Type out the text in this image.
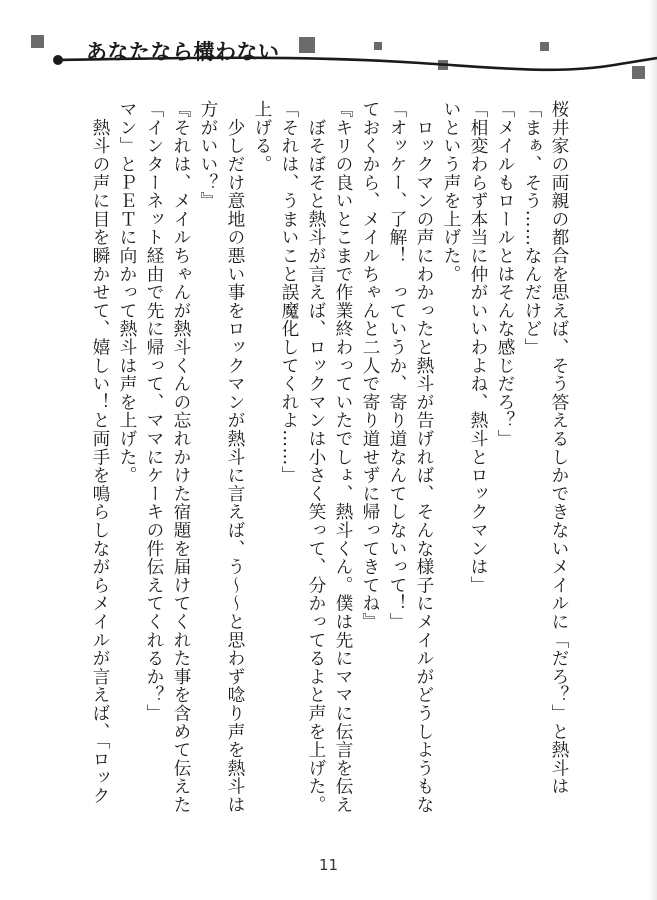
あなたなら構わない
桜井家の両親の都合を思えば、そう答えるしかできないメイルに「だろ？」と熱斗は
「まぁ、そう……なんだけど」
「メイルもロールとはそんな感じだろ？」
「相変わらず本当に仲がいいわよね、熱斗とロックマンは」
いという声を上げた。
　ロックマンの声にわかったと熱斗が告げれば、そんな様子にメイルがどうしようもな
「オッケー、了解！　っていうか、寄り道なんてしないって！」
ておくから、メイルちゃんと二人で寄り道せずに帰ってきてね』
『キリの良いとこまで作業終わっていたでしょ、熱斗くん。僕は先にママに伝言を伝え
　ぼそぼそと熱斗が言えば、ロックマンは小さく笑って、分かってるよと声を上げた。
「それは、うまいこと誤魔化してくれよ……」
上げる。
　少しだけ意地の悪い事をロックマンが熱斗に言えば、う〜〜と思わず唸り声を熱斗は
方がいい？』
『それは、メイルちゃんが熱斗くんの忘れかけた宿題を届けてくれた事を含めて伝えた
「インターネット経由で先に帰って、ママにケーキの件伝えてくれるか？」
マン」とＰＥＴに向かって熱斗は声を上げた。
　熱斗の声に目を瞬かせて、嬉しい！と両手を鳴らしながらメイルが言えば、「ロック
11
